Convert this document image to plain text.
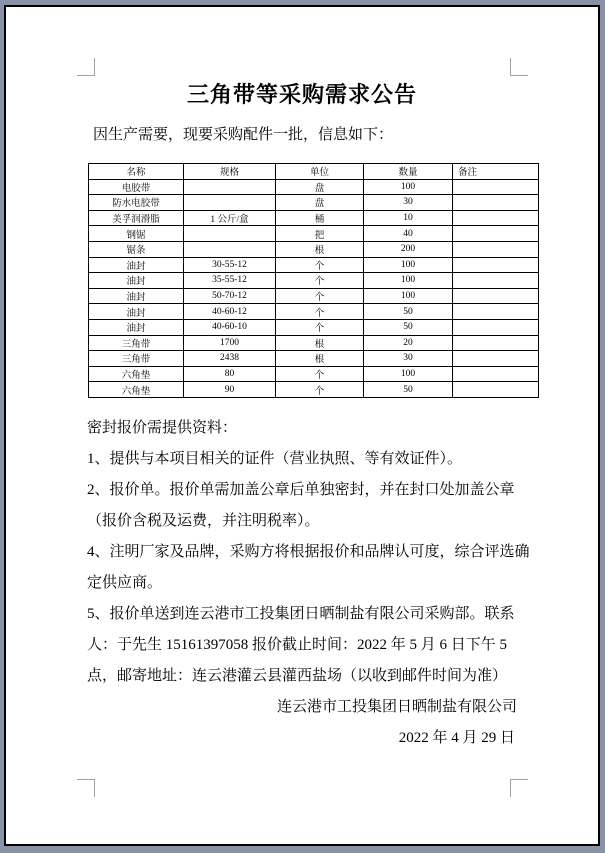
三角带等采购需求公告
因生产需要，现要采购配件一批，信息如下：
名称	规格	单位	数量	备注
电胶带		盘	100	
防水电胶带		盘	30	
美孚润滑脂	1 公斤/盒	桶	10	
钢锯		把	40	
锯条		根	200	
油封	30-55-12	个	100	
油封	35-55-12	个	100	
油封	50-70-12	个	100	
油封	40-60-12	个	50	
油封	40-60-10	个	50	
三角带	1700	根	20	
三角带	2438	根	30	
六角垫	80	个	100	
六角垫	90	个	50	

密封报价需提供资料：

1、提供与本项目相关的证件（营业执照、等有效证件）。

2、报价单。报价单需加盖公章后单独密封，并在封口处加盖公章（报价含税及运费，并注明税率）。

4、注明厂家及品牌，采购方将根据报价和品牌认可度，综合评选确定供应商。

5、报价单送到连云港市工投集团日晒制盐有限公司采购部。联系人：于先生 15161397058 报价截止时间：2022 年 5 月 6 日下午 5 点，邮寄地址：连云港灌云县灌西盐场（以收到邮件时间为准）

连云港市工投集团日晒制盐有限公司

2022 年 4 月 29 日
